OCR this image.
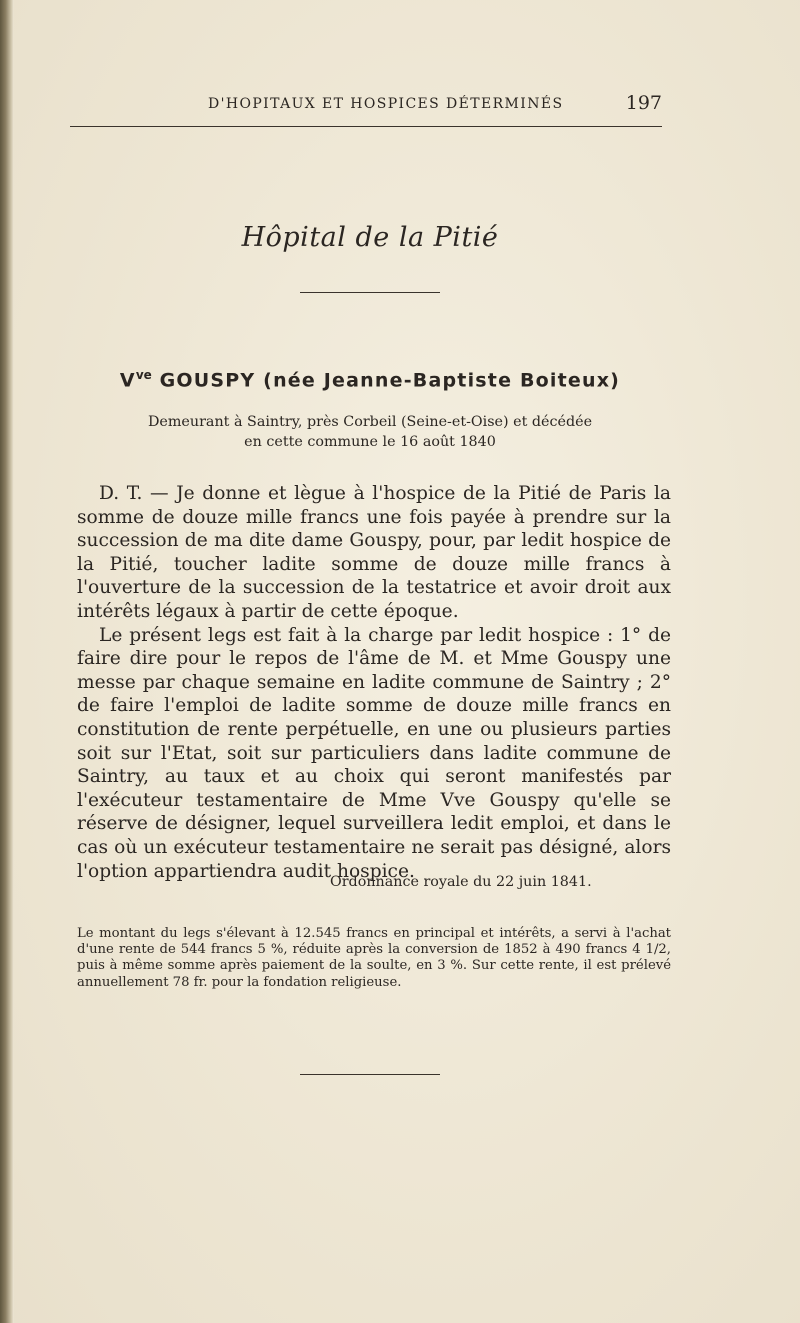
D'HOPITAUX ET HOSPICES DÉTERMINÉS	197
Hôpital de la Pitié
$V^{ve}$ GOUSPY (née Jeanne-Baptiste Boiteux)
Demeurant à Saintry, près Corbeil (Seine-et-Oise) et décédée
en cette commune le 16 août 1840

D. T. — Je donne et lègue à l'hospice de la Pitié de Paris la somme de douze mille francs une fois payée à prendre sur la succession de ma dite dame Gouspy, pour, par ledit hospice de la Pitié, toucher ladite somme de douze mille francs à l'ouverture de la succession de la testatrice et avoir droit aux intérêts légaux à partir de cette époque.

Le présent legs est fait à la charge par ledit hospice : 1° de faire dire pour le repos de l'âme de M. et Mme Gouspy une messe par chaque semaine en ladite commune de Saintry ; 2° de faire l'emploi de ladite somme de douze mille francs en constitution de rente perpétuelle, en une ou plusieurs parties soit sur l'Etat, soit sur particuliers dans ladite commune de Saintry, au taux et au choix qui seront manifestés par l'exécuteur testamentaire de Mme Vve Gouspy qu'elle se réserve de désigner, lequel surveillera ledit emploi, et dans le cas où un exécuteur testamentaire ne serait pas désigné, alors l'option appartiendra audit hospice.

Ordonnance royale du 22 juin 1841.
Le montant du legs s'élevant à 12.545 francs en principal et intérêts, a servi à l'achat d'une rente de 544 francs 5 %, réduite après la conversion de 1852 à 490 francs 4 1/2, puis à même somme après paiement de la soulte, en 3 %. Sur cette rente, il est prélevé annuellement 78 fr. pour la fondation religieuse.
